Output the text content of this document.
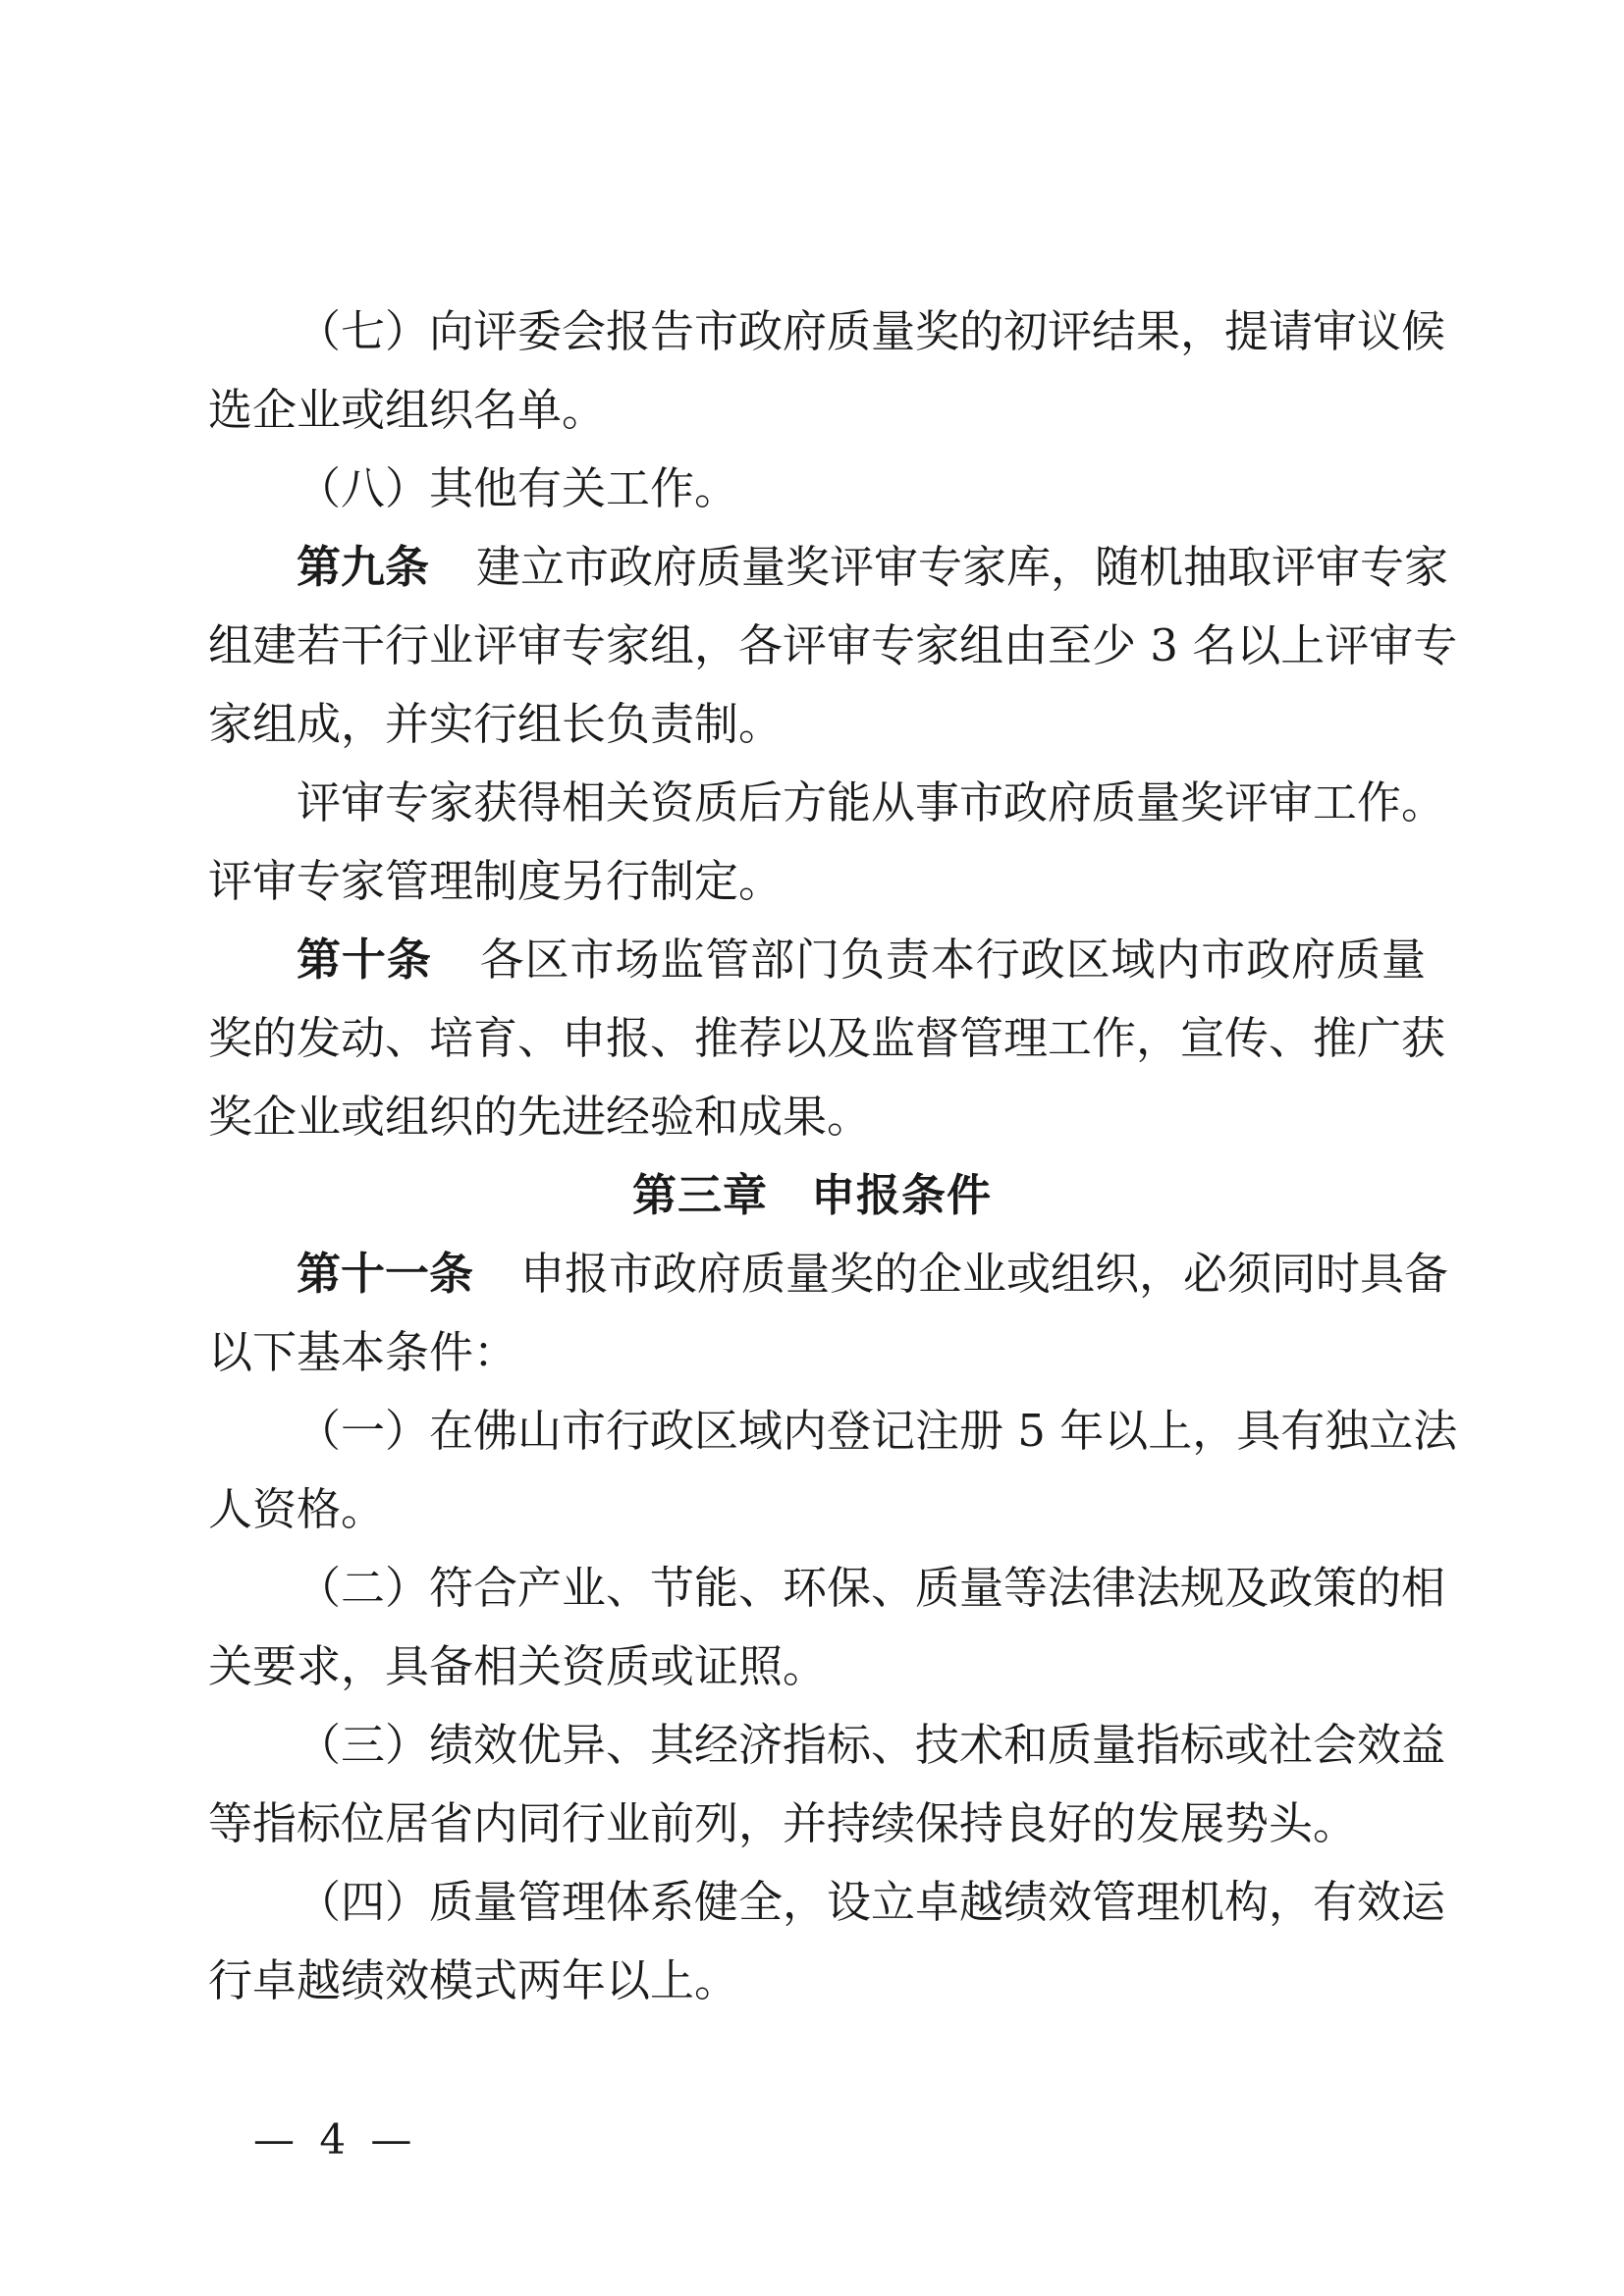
（七）向评委会报告市政府质量奖的初评结果，提请审议候
选企业或组织名单。
（八）其他有关工作。
第九条 建立市政府质量奖评审专家库，随机抽取评审专家
组建若干行业评审专家组，各评审专家组由至少 3 名以上评审专
家组成，并实行组长负责制。
评审专家获得相关资质后方能从事市政府质量奖评审工作。
评审专家管理制度另行制定。
第十条 各区市场监管部门负责本行政区域内市政府质量
奖的发动、培育、申报、推荐以及监督管理工作，宣传、推广获
奖企业或组织的先进经验和成果。
第三章 申报条件
第十一条 申报市政府质量奖的企业或组织，必须同时具备
以下基本条件：
（一）在佛山市行政区域内登记注册 5 年以上，具有独立法
人资格。
（二）符合产业、节能、环保、质量等法律法规及政策的相
关要求，具备相关资质或证照。
（三）绩效优异、其经济指标、技术和质量指标或社会效益
等指标位居省内同行业前列，并持续保持良好的发展势头。
（四）质量管理体系健全，设立卓越绩效管理机构，有效运
行卓越绩效模式两年以上。
— 4 —
